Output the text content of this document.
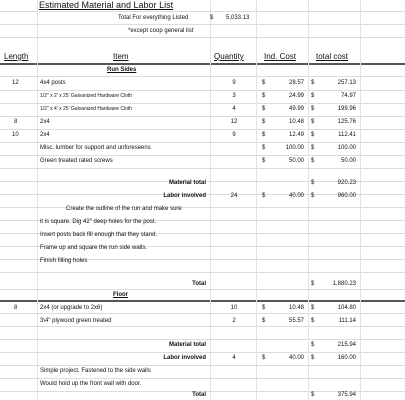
Estimated Material and Labor List
Total For everything Listed	$ 5,033.13
*except coop general list
Length	Item	Quantity	Ind. Cost total cost
Run Sides
12	4x4 posts	9	$	28.57 $	257.13
1/2" x 2' x 25' Galvanized Hardware Cloth	3	$	24.99 $	74.97
1/2" x 4' x 25' Galvanized Hardware Cloth	4	$	49.99 $	199.96
8	2x4	12	$	10.48 $	125.76
10	2x4	9	$	12.49 $	112.41
Misc. lumber for support and unforeseens	$	100.00 $	100.00
Green treated rated screws	$	50.00 $	50.00
Material total	$	920.23
Labor involved	24	$	40.00 $	960.00
Create the outline of the run and make sure
it is square. Dig 42" deep holes for the post.
Insert posts back fill enough that they stand.
Frame up and square the run side walls.
Finish filling holes
Total	$	1,880.23
Floor
8	2x4 (or upgrade to 2x6)	10	$	10.48 $	104.80
3\4" plywood green treated	2	$	55.57 $	111.14
Material total	$	215.94
Labor involved	4	$	40.00 $	160.00
Simple project. Fastened to the side walls
Would hold up the front wall with door.
Total	$	375.94
